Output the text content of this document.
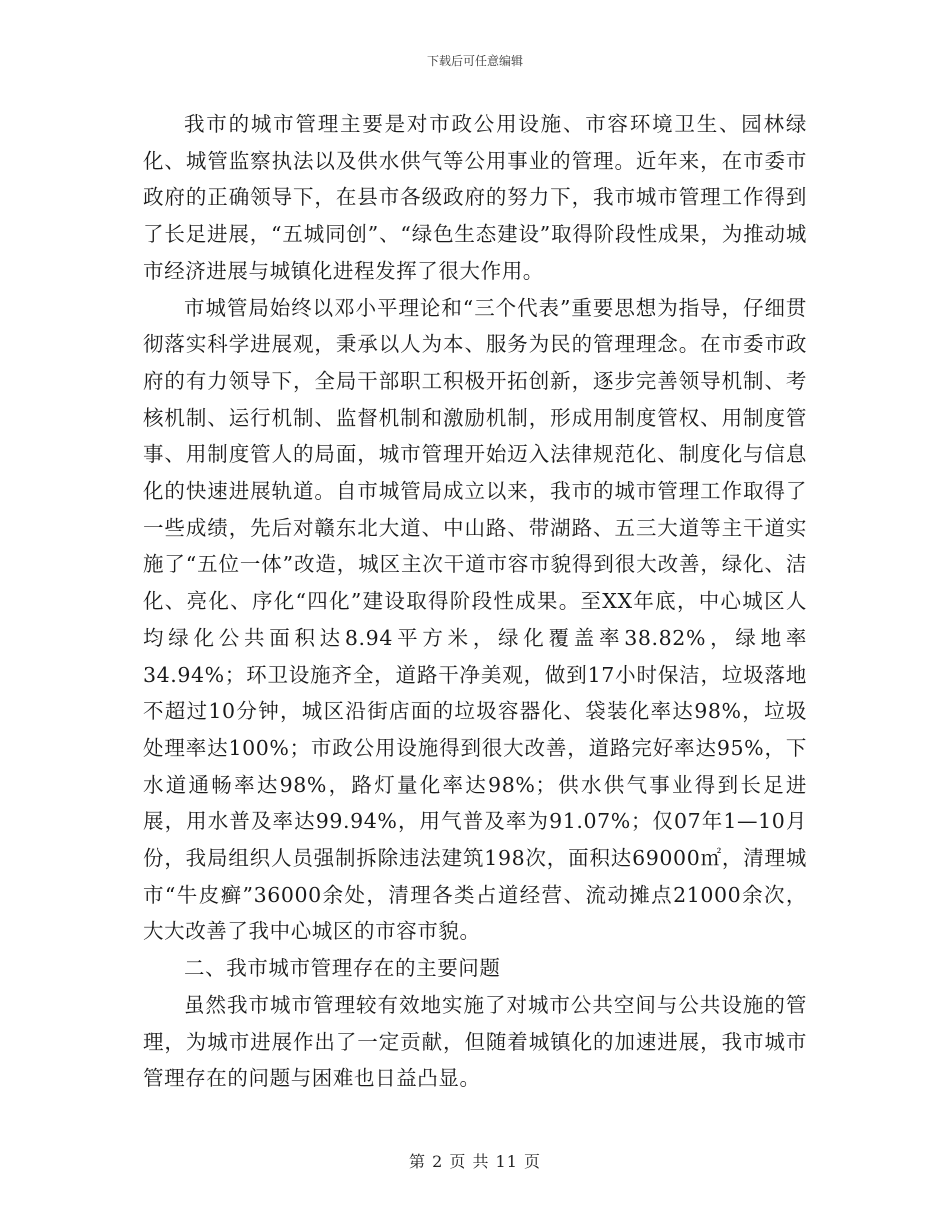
下载后可任意编辑

我市的城市管理主要是对市政公用设施、市容环境卫生、园林绿化、城管监察执法以及供水供气等公用事业的管理。近年来，在市委市政府的正确领导下，在县市各级政府的努力下，我市城市管理工作得到了长足进展，“五城同创”、“绿色生态建设”取得阶段性成果，为推动城市经济进展与城镇化进程发挥了很大作用。

市城管局始终以邓小平理论和“三个代表”重要思想为指导，仔细贯彻落实科学进展观，秉承以人为本、服务为民的管理理念。在市委市政府的有力领导下，全局干部职工积极开拓创新，逐步完善领导机制、考核机制、运行机制、监督机制和激励机制，形成用制度管权、用制度管事、用制度管人的局面，城市管理开始迈入法律规范化、制度化与信息化的快速进展轨道。自市城管局成立以来，我市的城市管理工作取得了一些成绩，先后对赣东北大道、中山路、带湖路、五三大道等主干道实施了“五位一体”改造，城区主次干道市容市貌得到很大改善，绿化、洁化、亮化、序化“四化”建设取得阶段性成果。至XX年底，中心城区人均绿化公共面积达8.94平方米，绿化覆盖率38.82%，绿地率34.94%；环卫设施齐全，道路干净美观，做到17小时保洁，垃圾落地不超过10分钟，城区沿街店面的垃圾容器化、袋装化率达98%，垃圾处理率达100%；市政公用设施得到很大改善，道路完好率达95%，下水道通畅率达98%，路灯量化率达98%；供水供气事业得到长足进展，用水普及率达99.94%，用气普及率为91.07%；仅07年1—10月份，我局组织人员强制拆除违法建筑198次，面积达69000㎡，清理城市“牛皮癣”36000余处，清理各类占道经营、流动摊点21000余次，大大改善了我中心城区的市容市貌。

二、我市城市管理存在的主要问题

虽然我市城市管理较有效地实施了对城市公共空间与公共设施的管理，为城市进展作出了一定贡献，但随着城镇化的加速进展，我市城市管理存在的问题与困难也日益凸显。

第 2 页 共 11 页
